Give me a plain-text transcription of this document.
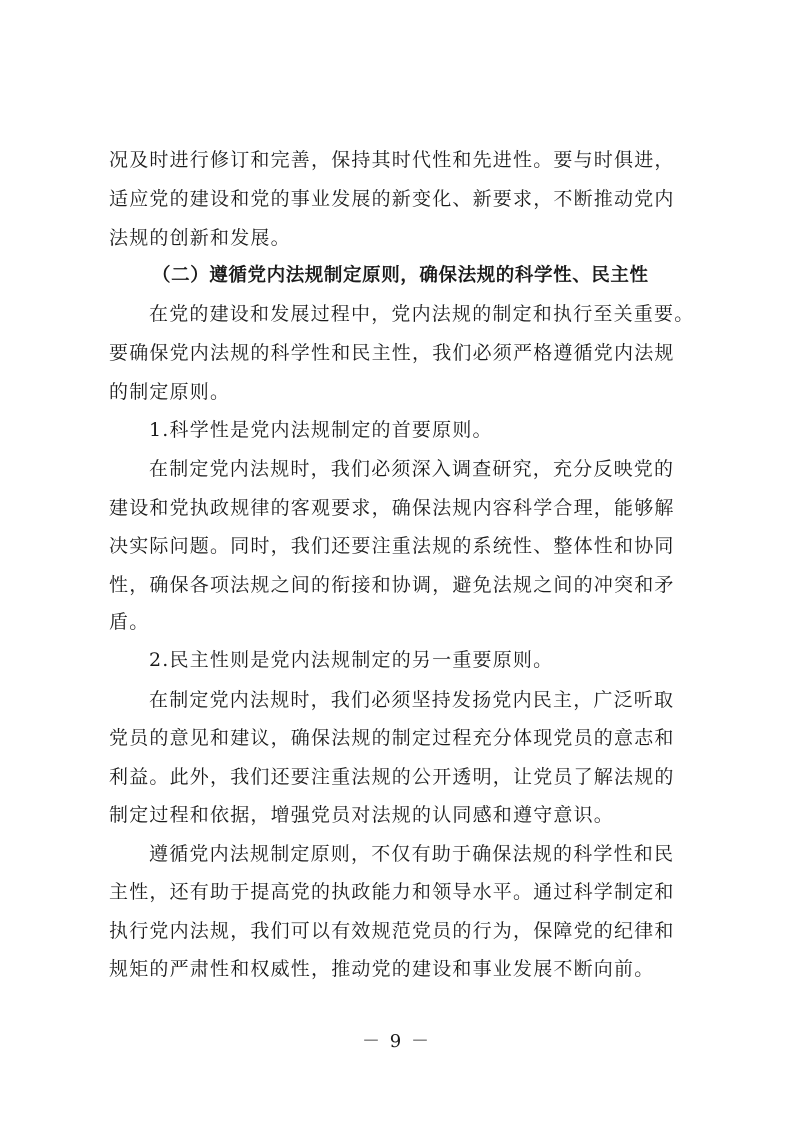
况及时进行修订和完善，保持其时代性和先进性。要与时俱进，
适应党的建设和党的事业发展的新变化、新要求，不断推动党内
法规的创新和发展。
（二）遵循党内法规制定原则，确保法规的科学性、民主性
在党的建设和发展过程中，党内法规的制定和执行至关重要。
要确保党内法规的科学性和民主性，我们必须严格遵循党内法规
的制定原则。
1.科学性是党内法规制定的首要原则。
在制定党内法规时，我们必须深入调查研究，充分反映党的
建设和党执政规律的客观要求，确保法规内容科学合理，能够解
决实际问题。同时，我们还要注重法规的系统性、整体性和协同
性，确保各项法规之间的衔接和协调，避免法规之间的冲突和矛
盾。
2.民主性则是党内法规制定的另一重要原则。
在制定党内法规时，我们必须坚持发扬党内民主，广泛听取
党员的意见和建议，确保法规的制定过程充分体现党员的意志和
利益。此外，我们还要注重法规的公开透明，让党员了解法规的
制定过程和依据，增强党员对法规的认同感和遵守意识。
遵循党内法规制定原则，不仅有助于确保法规的科学性和民
主性，还有助于提高党的执政能力和领导水平。通过科学制定和
执行党内法规，我们可以有效规范党员的行为，保障党的纪律和
规矩的严肃性和权威性，推动党的建设和事业发展不断向前。
－ 9 －
